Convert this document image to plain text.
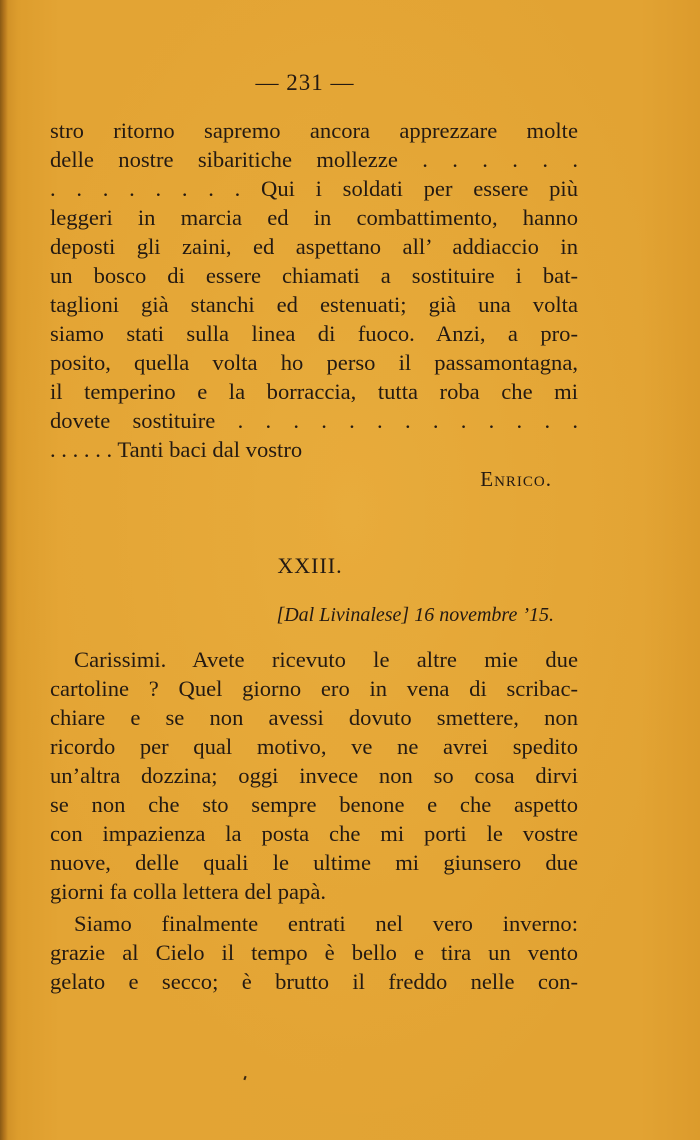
— 231 —
stro ritorno sapremo ancora apprezzare molte
delle nostre sibaritiche mollezze . . . . . .
. . . . . . . . Qui i soldati per essere più
leggeri in marcia ed in combattimento, hanno
deposti gli zaini, ed aspettano all’ addiaccio in
un bosco di essere chiamati a sostituire i bat-
taglioni già stanchi ed estenuati; già una volta
siamo stati sulla linea di fuoco. Anzi, a pro-
posito, quella volta ho perso il passamontagna,
il temperino e la borraccia, tutta roba che mi
dovete sostituire . . . . . . . . . . . . .
. . . . . . Tanti baci dal vostro
Enrico.
XXIII.
[Dal Livinalese] 16 novembre ’15.
Carissimi. Avete ricevuto le altre mie due
cartoline ? Quel giorno ero in vena di scribac-
chiare e se non avessi dovuto smettere, non
ricordo per qual motivo, ve ne avrei spedito
un’altra dozzina; oggi invece non so cosa dirvi
se non che sto sempre benone e che aspetto
con impazienza la posta che mi porti le vostre
nuove, delle quali le ultime mi giunsero due
giorni fa colla lettera del papà.
Siamo finalmente entrati nel vero inverno:
grazie al Cielo il tempo è bello e tira un vento
gelato e secco; è brutto il freddo nelle con-
